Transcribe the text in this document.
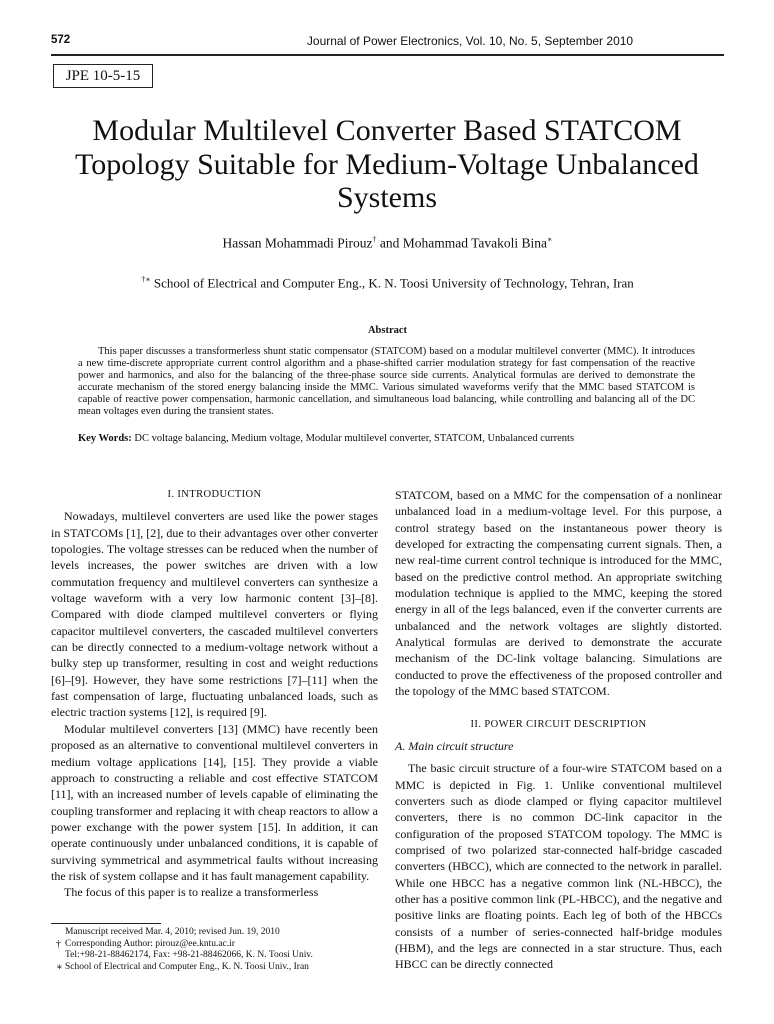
572	Journal of Power Electronics, Vol. 10, No. 5, September 2010
JPE 10-5-15
Modular Multilevel Converter Based STATCOM Topology Suitable for Medium-Voltage Unbalanced Systems
Hassan Mohammadi Pirouz† and Mohammad Tavakoli Bina∗
†∗ School of Electrical and Computer Eng., K. N. Toosi University of Technology, Tehran, Iran
Abstract

This paper discusses a transformerless shunt static compensator (STATCOM) based on a modular multilevel converter (MMC). It introduces a new time-discrete appropriate current control algorithm and a phase-shifted carrier modulation strategy for fast compensation of the reactive power and harmonics, and also for the balancing of the three-phase source side currents. Analytical formulas are derived to demonstrate the accurate mechanism of the stored energy balancing inside the MMC. Various simulated waveforms verify that the MMC based STATCOM is capable of reactive power compensation, harmonic cancellation, and simultaneous load balancing, while controlling and balancing all of the DC mean voltages even during the transient states.

Key Words: DC voltage balancing, Medium voltage, Modular multilevel converter, STATCOM, Unbalanced currents

I. INTRODUCTION

Nowadays, multilevel converters are used like the power stages in STATCOMs [1], [2], due to their advantages over other converter topologies. The voltage stresses can be reduced when the number of levels increases, the power switches are driven with a low commutation frequency and multilevel converters can synthesize a voltage waveform with a very low harmonic content [3]–[8]. Compared with diode clamped multilevel converters or flying capacitor multilevel converters, the cascaded multilevel converters can be directly connected to a medium-voltage network without a bulky step up transformer, resulting in cost and weight reductions [6]–[9]. However, they have some restrictions [7]–[11] when the fast compensation of large, fluctuating unbalanced loads, such as electric traction systems [12], is required [9].

Modular multilevel converters [13] (MMC) have recently been proposed as an alternative to conventional multilevel converters in medium voltage applications [14], [15]. They provide a viable approach to constructing a reliable and cost effective STATCOM [11], with an increased number of levels capable of eliminating the coupling transformer and replacing it with cheap reactors to allow a power exchange with the power system [15]. In addition, it can operate continuously under unbalanced conditions, it is capable of surviving symmetrical and asymmetrical faults without increasing the risk of system collapse and it has fault management capability.

The focus of this paper is to realize a transformerless

STATCOM, based on a MMC for the compensation of a nonlinear unbalanced load in a medium-voltage level. For this purpose, a control strategy based on the instantaneous power theory is developed for extracting the compensating current signals. Then, a new real-time current control technique is introduced for the MMC, based on the predictive control method. An appropriate switching modulation technique is applied to the MMC, keeping the stored energy in all of the legs balanced, even if the converter currents are unbalanced and the network voltages are slightly distorted. Analytical formulas are derived to demonstrate the accurate mechanism of the DC-link voltage balancing. Simulations are conducted to prove the effectiveness of the proposed controller and the topology of the MMC based STATCOM.

II. POWER CIRCUIT DESCRIPTION

A. Main circuit structure

The basic circuit structure of a four-wire STATCOM based on a MMC is depicted in Fig. 1. Unlike conventional multilevel converters such as diode clamped or flying capacitor multilevel converters, there is no common DC-link capacitor in the configuration of the proposed STATCOM topology. The MMC is comprised of two polarized star-connected half-bridge cascaded converters (HBCC), which are connected to the network in parallel. While one HBCC has a negative common link (NL-HBCC), the other has a positive common link (PL-HBCC), and the negative and positive links are floating points. Each leg of both of the HBCCs consists of a number of series-connected half-bridge modules (HBM), and the legs are connected in a star structure. Thus, each HBCC can be directly connected

Manuscript received Mar. 4, 2010; revised Jun. 19, 2010
† Corresponding Author: pirouz@ee.kntu.ac.ir
Tel:+98-21-88462174, Fax: +98-21-88462066, K. N. Toosi Univ.
∗ School of Electrical and Computer Eng., K. N. Toosi Univ., Iran
